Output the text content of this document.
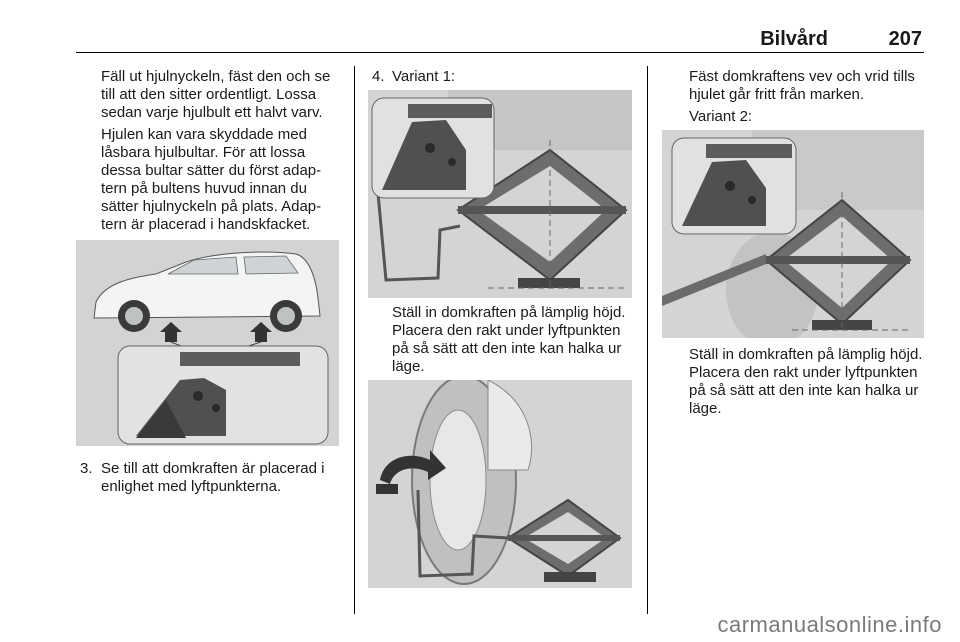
Bilvård	207

Fäll ut hjulnyckeln, fäst den och se till att den sitter ordentligt. Lossa sedan varje hjulbult ett halvt varv.

Hjulen kan vara skyddade med låsbara hjulbultar. För att lossa dessa bultar sätter du först adaptern på bultens huvud innan du sätter hjulnyckeln på plats. Adaptern är placerad i handskfacket.

3. Se till att domkraften är placerad i enlighet med lyftpunkterna.

4. Variant 1:

Ställ in domkraften på lämplig höjd. Placera den rakt under lyftpunkten på så sätt att den inte kan halka ur läge.

Fäst domkraftens vev och vrid tills hjulet går fritt från marken.

Variant 2:

Ställ in domkraften på lämplig höjd. Placera den rakt under lyftpunkten på så sätt att den inte kan halka ur läge.

carmanualsonline.info
